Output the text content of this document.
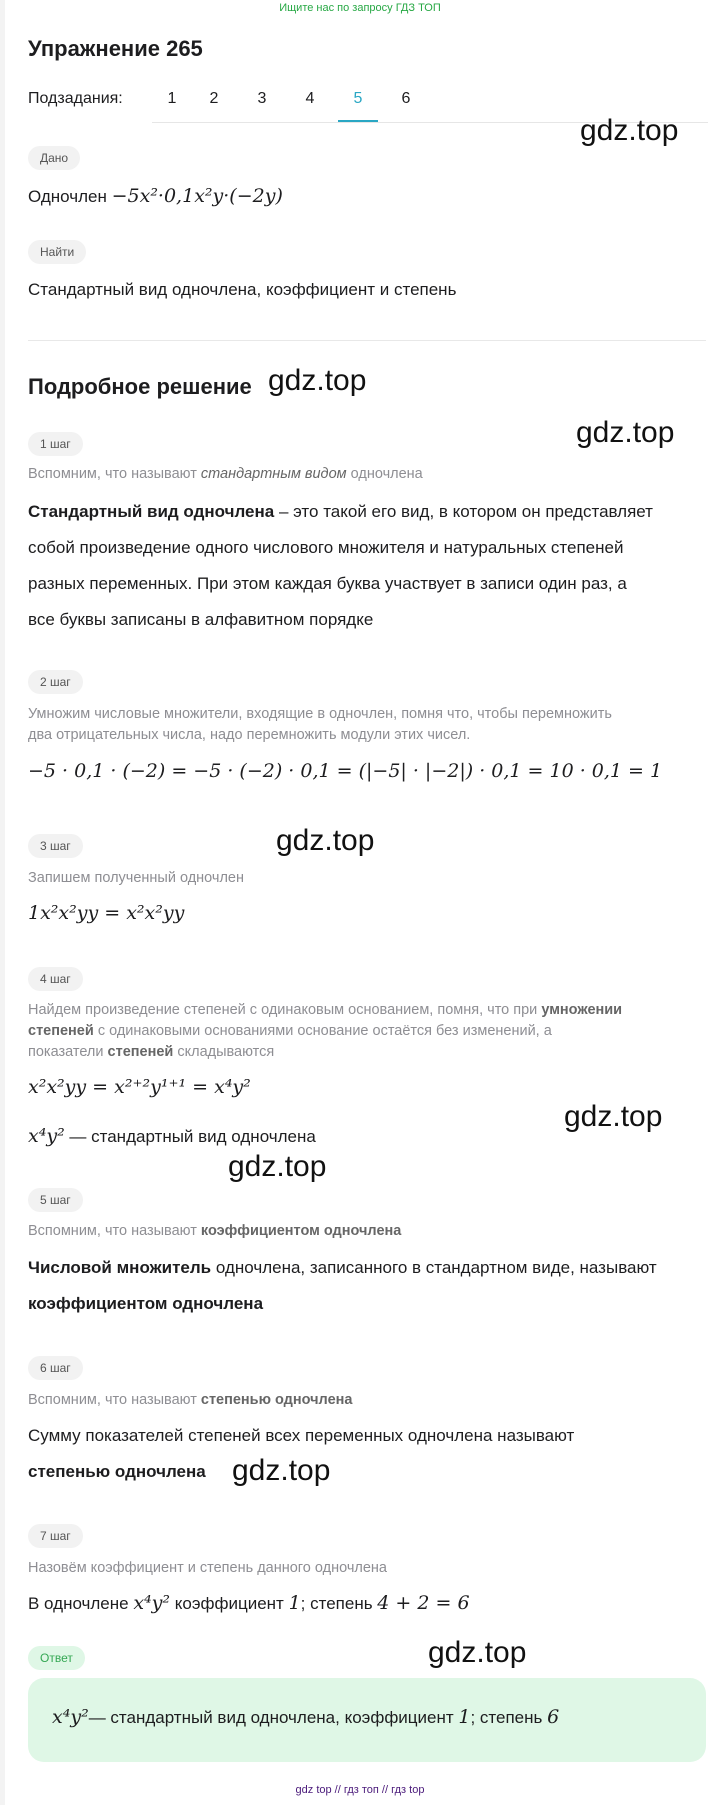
Ищите нас по запросу ГДЗ ТОП
Упражнение 265
Подзадания:	1	2	3	4	5	6
Дано
Одночлен −5x²·0,1x²y·(−2y)
Найти
Стандартный вид одночлена, коэффициент и степень
Подробное решение
1 шаг
Вспомним, что называют стандартным видом одночлена
Стандартный вид одночлена – это такой его вид, в котором он представляет
собой произведение одного числового множителя и натуральных степеней
разных переменных. При этом каждая буква участвует в записи один раз, а
все буквы записаны в алфавитном порядке
2 шаг
Умножим числовые множители, входящие в одночлен, помня что, чтобы перемножить
два отрицательных числа, надо перемножить модули этих чисел.
−5 · 0,1 · (−2) = −5 · (−2) · 0,1 = (|−5| · |−2|) · 0,1 = 10 · 0,1 = 1
3 шаг
Запишем полученный одночлен
1x²x²yy = x²x²yy
4 шаг
Найдем произведение степеней с одинаковым основанием, помня, что при умножении
степеней с одинаковыми основаниями основание остаётся без изменений, а
показатели степеней складываются
x²x²yy = x²⁺²y¹⁺¹ = x⁴y²
x⁴y² — стандартный вид одночлена
5 шаг
Вспомним, что называют коэффициентом одночлена
Числовой множитель одночлена, записанного в стандартном виде, называют
коэффициентом одночлена
6 шаг
Вспомним, что называют степенью одночлена
Сумму показателей степеней всех переменных одночлена называют
степенью одночлена
7 шаг
Назовём коэффициент и степень данного одночлена
В одночлене x⁴y² коэффициент 1; степень 4 + 2 = 6
Ответ
x⁴y²— стандартный вид одночлена, коэффициент 1; степень 6
gdz.top
gdz.top
gdz.top
gdz.top
gdz.top
gdz.top
gdz.top
gdz.top
gdz top // гдз топ // гдз top
